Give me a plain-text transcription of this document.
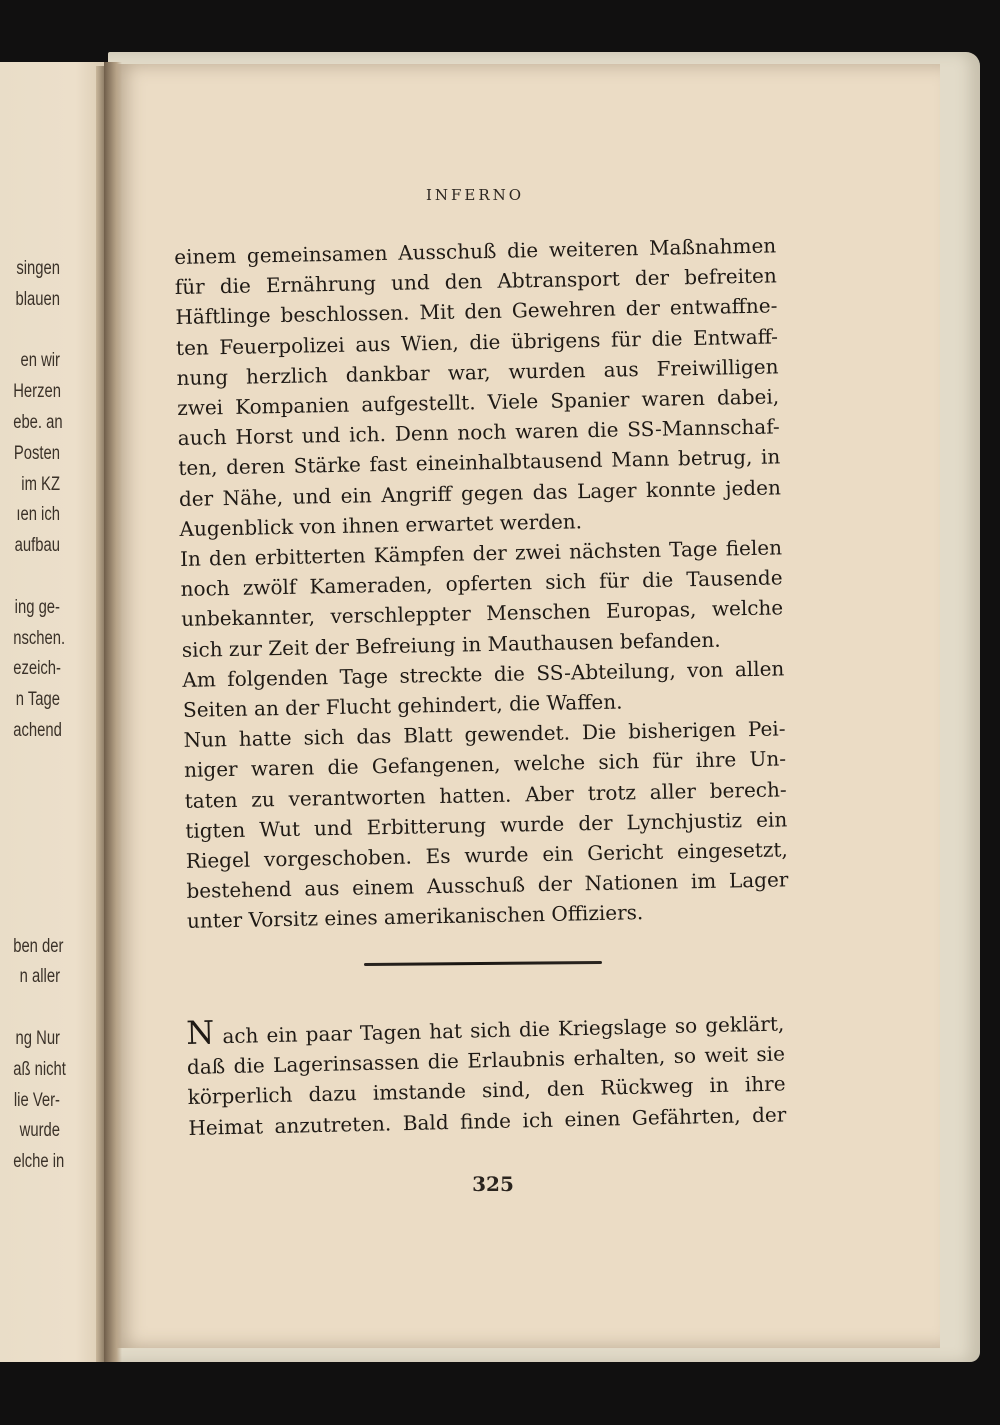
singen
blauen
en wir
Herzen
ebe. an
Posten
im KZ
ıen ich
aufbau
ing ge-
nschen.
ezeich-
n Tage
achend
ben der
n aller
ng Nur
aß nicht
lie Ver-
wurde
elche in
INFERNO
einem gemeinsamen Ausschuß die weiteren Maßnahmen
für die Ernährung und den Abtransport der befreiten
Häftlinge beschlossen. Mit den Gewehren der entwaffne-
ten Feuerpolizei aus Wien, die übrigens für die Entwaff-
nung herzlich dankbar war, wurden aus Freiwilligen
zwei Kompanien aufgestellt. Viele Spanier waren dabei,
auch Horst und ich. Denn noch waren die SS-Mannschaf-
ten, deren Stärke fast eineinhalbtausend Mann betrug, in
der Nähe, und ein Angriff gegen das Lager konnte jeden
Augenblick von ihnen erwartet werden.
In den erbitterten Kämpfen der zwei nächsten Tage fielen
noch zwölf Kameraden, opferten sich für die Tausende
unbekannter, verschleppter Menschen Europas, welche
sich zur Zeit der Befreiung in Mauthausen befanden.
Am folgenden Tage streckte die SS-Abteilung, von allen
Seiten an der Flucht gehindert, die Waffen.
Nun hatte sich das Blatt gewendet. Die bisherigen Pei-
niger waren die Gefangenen, welche sich für ihre Un-
taten zu verantworten hatten. Aber trotz aller berech-
tigten Wut und Erbitterung wurde der Lynchjustiz ein
Riegel vorgeschoben. Es wurde ein Gericht eingesetzt,
bestehend aus einem Ausschuß der Nationen im Lager
unter Vorsitz eines amerikanischen Offiziers.
N ach ein paar Tagen hat sich die Kriegslage so geklärt,
daß die Lagerinsassen die Erlaubnis erhalten, so weit sie
körperlich dazu imstande sind, den Rückweg in ihre
Heimat anzutreten. Bald finde ich einen Gefährten, der
325
